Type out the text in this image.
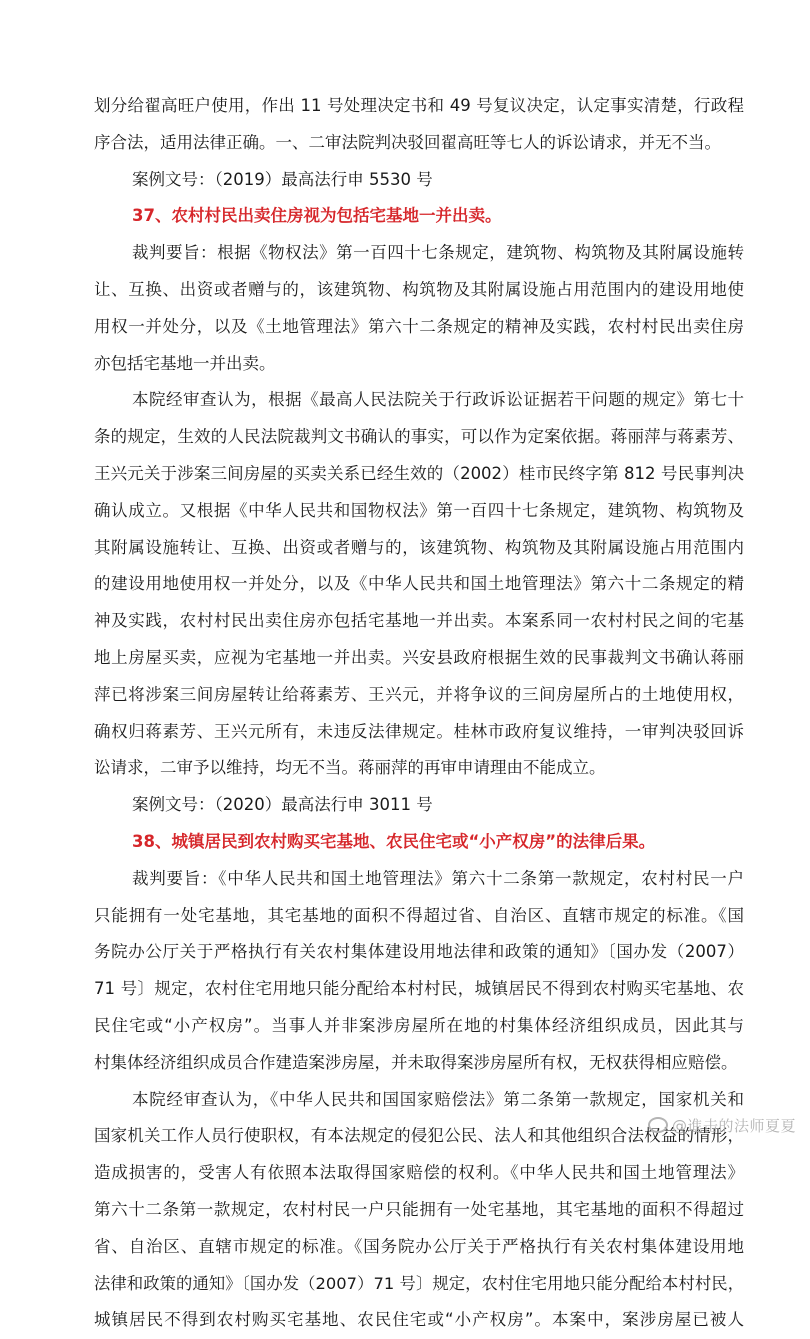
划分给翟高旺户使用，作出 11 号处理决定书和 49 号复议决定，认定事实清楚，行政程
序合法，适用法律正确。一、二审法院判决驳回翟高旺等七人的诉讼请求，并无不当。
案例文号：（2019）最高法行申 5530 号
37、农村村民出卖住房视为包括宅基地一并出卖。
裁判要旨：根据《物权法》第一百四十七条规定，建筑物、构筑物及其附属设施转
让、互换、出资或者赠与的，该建筑物、构筑物及其附属设施占用范围内的建设用地使
用权一并处分，以及《土地管理法》第六十二条规定的精神及实践，农村村民出卖住房
亦包括宅基地一并出卖。
本院经审查认为，根据《最高人民法院关于行政诉讼证据若干问题的规定》第七十
条的规定，生效的人民法院裁判文书确认的事实，可以作为定案依据。蒋丽萍与蒋素芳、
王兴元关于涉案三间房屋的买卖关系已经生效的（2002）桂市民终字第 812 号民事判决
确认成立。又根据《中华人民共和国物权法》第一百四十七条规定，建筑物、构筑物及
其附属设施转让、互换、出资或者赠与的，该建筑物、构筑物及其附属设施占用范围内
的建设用地使用权一并处分，以及《中华人民共和国土地管理法》第六十二条规定的精
神及实践，农村村民出卖住房亦包括宅基地一并出卖。本案系同一农村村民之间的宅基
地上房屋买卖，应视为宅基地一并出卖。兴安县政府根据生效的民事裁判文书确认蒋丽
萍已将涉案三间房屋转让给蒋素芳、王兴元，并将争议的三间房屋所占的土地使用权，
确权归蒋素芳、王兴元所有，未违反法律规定。桂林市政府复议维持，一审判决驳回诉
讼请求，二审予以维持，均无不当。蒋丽萍的再审申请理由不能成立。
案例文号：（2020）最高法行申 3011 号
38、城镇居民到农村购买宅基地、农民住宅或“小产权房”的法律后果。
裁判要旨：《中华人民共和国土地管理法》第六十二条第一款规定，农村村民一户
只能拥有一处宅基地，其宅基地的面积不得超过省、自治区、直辖市规定的标准。《国
务院办公厅关于严格执行有关农村集体建设用地法律和政策的通知》〔国办发（2007）
71 号〕规定，农村住宅用地只能分配给本村村民，城镇居民不得到农村购买宅基地、农
民住宅或“小产权房”。当事人并非案涉房屋所在地的村集体经济组织成员，因此其与
村集体经济组织成员合作建造案涉房屋，并未取得案涉房屋所有权，无权获得相应赔偿。
本院经审查认为，《中华人民共和国国家赔偿法》第二条第一款规定，国家机关和
国家机关工作人员行使职权，有本法规定的侵犯公民、法人和其他组织合法权益的情形，
造成损害的，受害人有依照本法取得国家赔偿的权利。《中华人民共和国土地管理法》
第六十二条第一款规定，农村村民一户只能拥有一处宅基地，其宅基地的面积不得超过
省、自治区、直辖市规定的标准。《国务院办公厅关于严格执行有关农村集体建设用地
法律和政策的通知》〔国办发（2007）71 号〕规定，农村住宅用地只能分配给本村村民，
城镇居民不得到农村购买宅基地、农民住宅或“小产权房”。本案中，案涉房屋已被人
@進击的法师夏夏
